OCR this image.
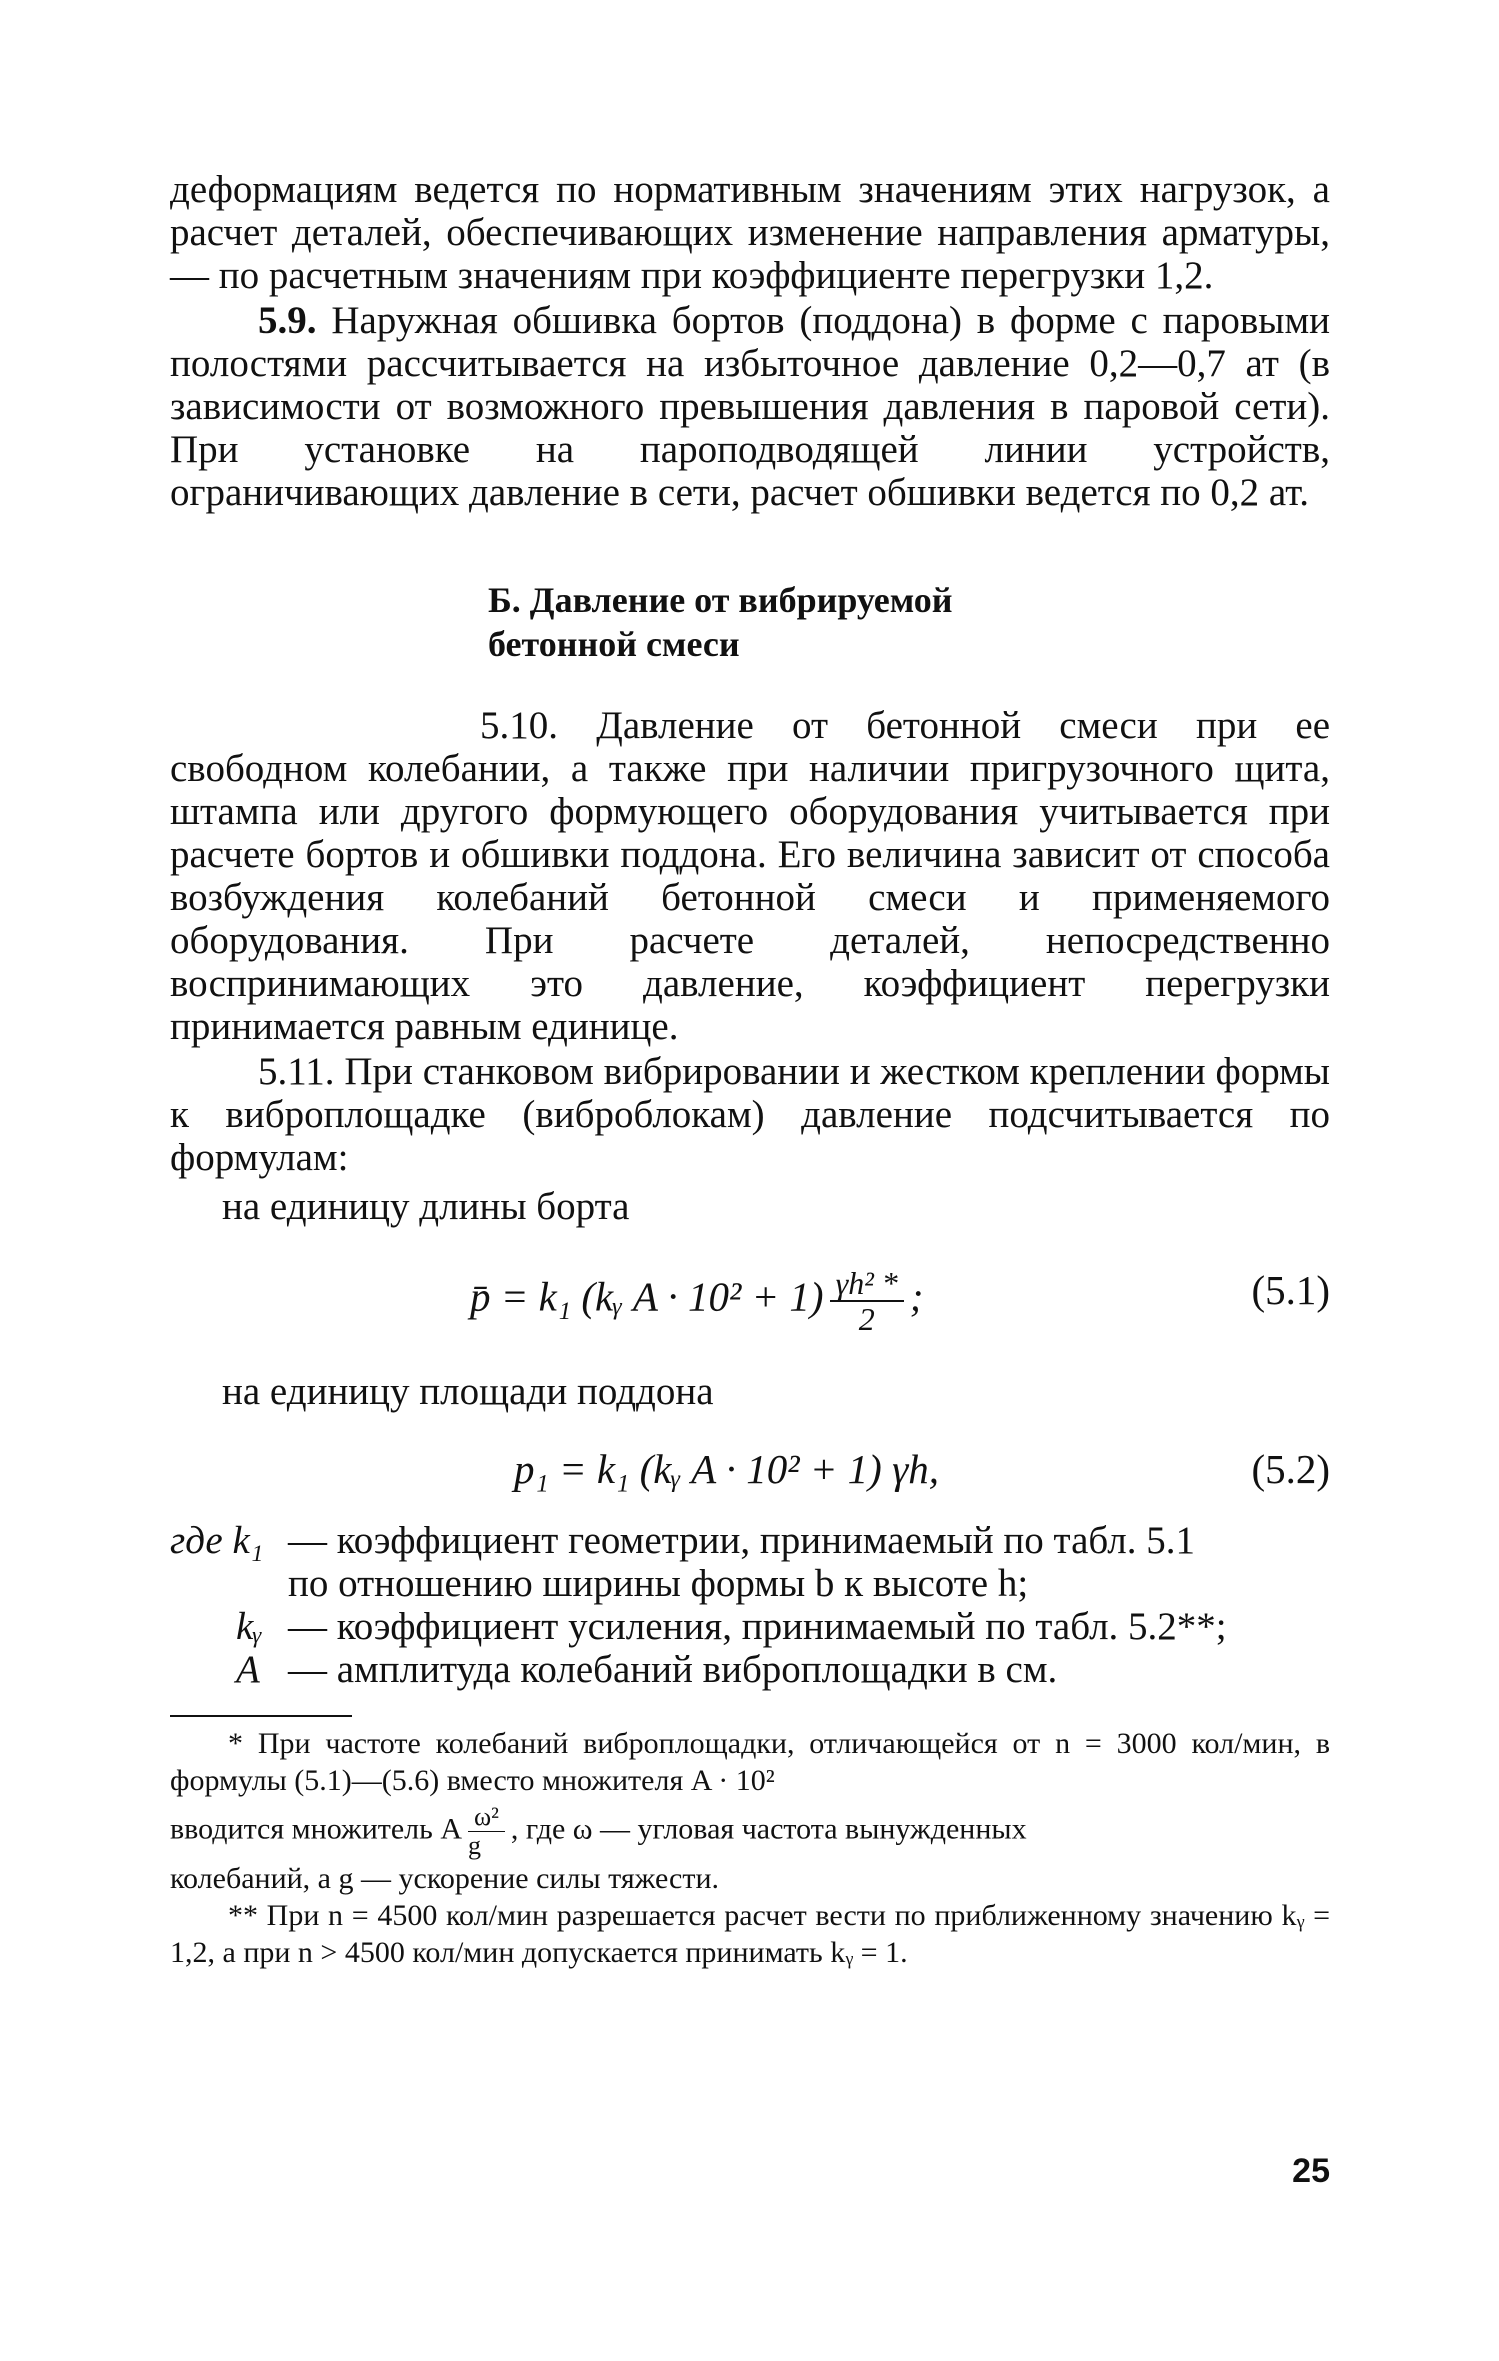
деформациям ведется по нормативным значениям этих нагрузок, а расчет деталей, обеспечивающих изменение направления арматуры, — по расчетным значениям при коэффициенте перегрузки 1,2.

5.9. Наружная обшивка бортов (поддона) в форме с паровыми полостями рассчитывается на избыточное давление 0,2—0,7 ат (в зависимости от возможного превышения давления в паровой сети). При установке на пароподводящей линии устройств, ограничивающих давление в сети, расчет обшивки ведется по 0,2 ат.

Б. Давление от вибрируемой
бетонной смеси

5.10. Давление от бетонной смеси при ее свободном колебании, а также при наличии пригрузочного щита, штампа или другого формующего оборудования учитывается при расчете бортов и обшивки поддона. Его величина зависит от способа возбуждения колебаний бетонной смеси и применяемого оборудования. При расчете деталей, непосредственно воспринимающих это давление, коэффициент перегрузки принимается равным единице.

5.11. При станковом вибрировании и жестком креплении формы к виброплощадке (виброблокам) давление подсчитывается по формулам:

на единицу длины борта

p̄ = k₁ (kᵧ $A \cdot 10^2 + 1) \frac{\text{γh² *}}{2}$ ;	(5.1)

на единицу площади поддона

p₁ = k₁ (kᵧ A · 10² + 1) γh,	(5.2)
где k₁ — коэффициент геометрии, принимаемый по табл. 5.1
по отношению ширины формы b к высоте h;
kᵧ — коэффициент усиления, принимаемый по табл. 5.2**;
A — амплитуда колебаний виброплощадки в см.

* При частоте колебаний виброплощадки, отличающейся от n = 3000 кол/мин, в формулы (5.1)—(5.6) вместо множителя A · 10²

вводится множитель A $\frac{\text{ω²}}{g}$ , где ω — угловая частота вынужденных

колебаний, а g — ускорение силы тяжести.

** При n = 4500 кол/мин разрешается расчет вести по приближенному значению kᵧ = 1,2, а при n > 4500 кол/мин допускается принимать kᵧ = 1.

25
